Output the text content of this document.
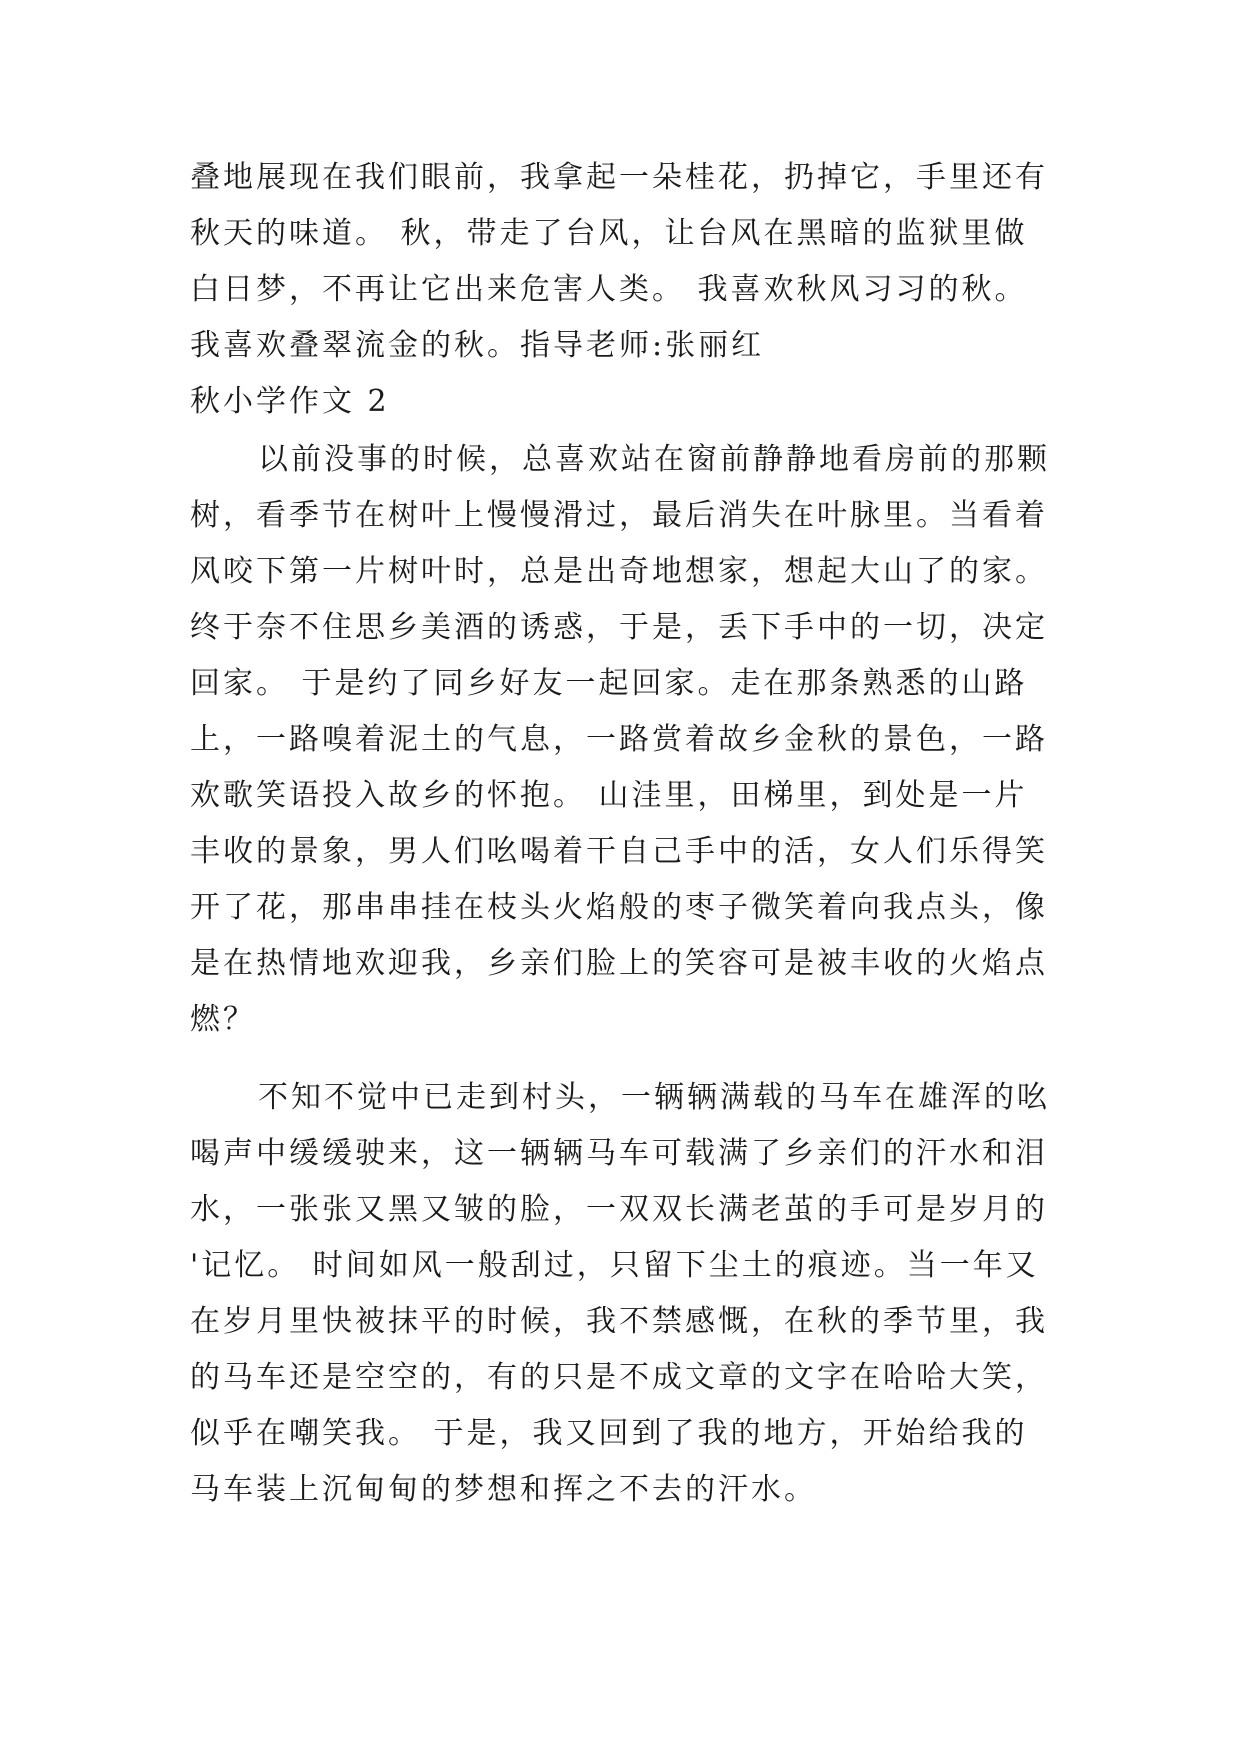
叠地展现在我们眼前，我拿起一朵桂花，扔掉它，手里还有
秋天的味道。 秋，带走了台风，让台风在黑暗的监狱里做
白日梦，不再让它出来危害人类。 我喜欢秋风习习的秋。
我喜欢叠翠流金的秋。指导老师:张丽红
秋小学作文 2
以前没事的时候，总喜欢站在窗前静静地看房前的那颗
树，看季节在树叶上慢慢滑过，最后消失在叶脉里。当看着
风咬下第一片树叶时，总是出奇地想家，想起大山了的家。
终于奈不住思乡美酒的诱惑，于是，丢下手中的一切，决定
回家。 于是约了同乡好友一起回家。走在那条熟悉的山路
上，一路嗅着泥土的气息，一路赏着故乡金秋的景色，一路
欢歌笑语投入故乡的怀抱。 山洼里，田梯里，到处是一片
丰收的景象，男人们吆喝着干自己手中的活，女人们乐得笑
开了花，那串串挂在枝头火焰般的枣子微笑着向我点头，像
是在热情地欢迎我，乡亲们脸上的笑容可是被丰收的火焰点
燃？
不知不觉中已走到村头，一辆辆满载的马车在雄浑的吆
喝声中缓缓驶来，这一辆辆马车可载满了乡亲们的汗水和泪
水，一张张又黑又皱的脸，一双双长满老茧的手可是岁月的
'记忆。 时间如风一般刮过，只留下尘土的痕迹。当一年又
在岁月里快被抹平的时候，我不禁感慨，在秋的季节里，我
的马车还是空空的，有的只是不成文章的文字在哈哈大笑，
似乎在嘲笑我。 于是，我又回到了我的地方，开始给我的
马车装上沉甸甸的梦想和挥之不去的汗水。
